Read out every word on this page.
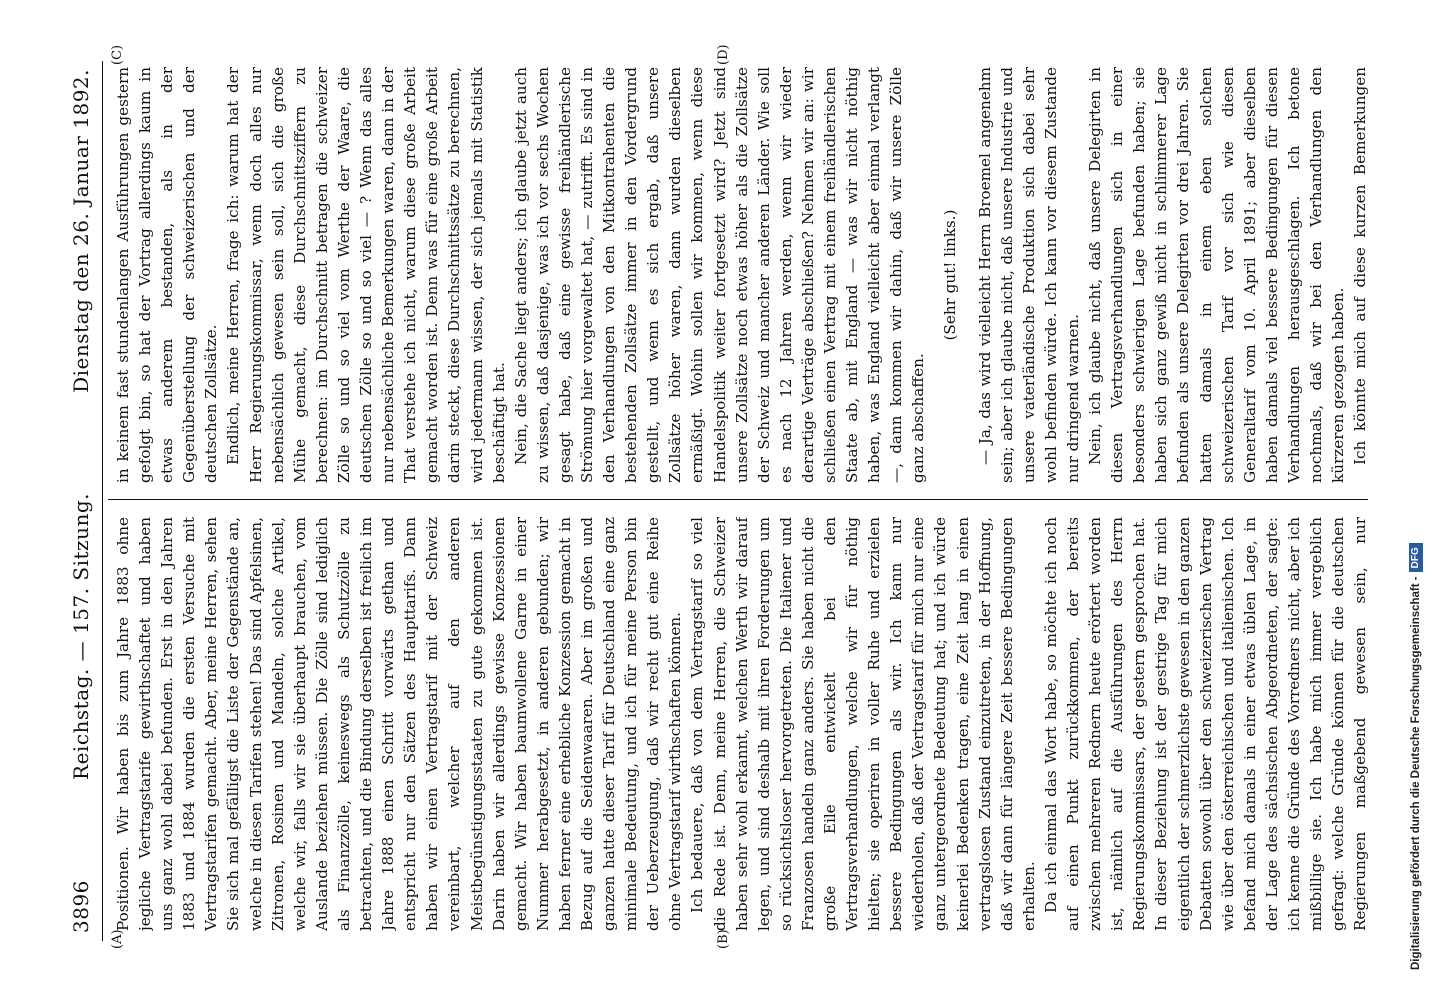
3896
Reichstag. — 157. Sitzung.
Dienstag den 26. Januar 1892.
(A)	(B)
(C)	(D)

Positionen. Wir haben bis zum Jahre 1883 ohne jegliche Vertragstarife gewirthschaftet und haben uns ganz wohl dabei befunden. Erst in den Jahren 1883 und 1884 wurden die ersten Versuche mit Vertragstarifen gemacht. Aber, meine Herren, sehen Sie sich mal gefälligst die Liste der Gegenstände an, welche in diesen Tarifen stehen! Das sind Apfelsinen, Zitronen, Rosinen und Mandeln, solche Artikel, welche wir, falls wir sie überhaupt brauchen, vom Auslande beziehen müssen. Die Zölle sind lediglich als Finanzzölle, keineswegs als Schutzzölle zu betrachten, und die Bindung derselben ist freilich im Jahre 1888 einen Schritt vorwärts gethan und entspricht nur den Sätzen des Haupttarifs. Dann haben wir einen Vertragstarif mit der Schweiz vereinbart, welcher auf den anderen Meistbegünstigungsstaaten zu gute gekommen ist. Darin haben wir allerdings gewisse Konzessionen gemacht. Wir haben baumwollene Garne in einer Nummer herabgesetzt, in anderen gebunden; wir haben ferner eine erhebliche Konzession gemacht in Bezug auf die Seidenwaaren. Aber im großen und ganzen hatte dieser Tarif für Deutschland eine ganz minimale Bedeutung, und ich für meine Person bin der Ueberzeugung, daß wir recht gut eine Reihe ohne Vertragstarif wirthschaften können. Ich bedauere, daß von dem Vertragstarif so viel die Rede ist. Denn, meine Herren, die Schweizer haben sehr wohl erkannt, welchen Werth wir darauf legen, und sind deshalb mit ihren Forderungen um so rücksichtsloser hervorgetreten. Die Italiener und Franzosen handeln ganz anders. Sie haben nicht die große Eile entwickelt bei den Vertragsverhandlungen, welche wir für nöthig hielten; sie operiren in voller Ruhe und erzielen bessere Bedingungen als wir. Ich kann nur wiederholen, daß der Vertragstarif für mich nur eine ganz untergeordnete Bedeutung hat; und ich würde keinerlei Bedenken tragen, eine Zeit lang in einen vertragslosen Zustand einzutreten, in der Hoffnung, daß wir dann für längere Zeit bessere Bedingungen erhalten. Da ich einmal das Wort habe, so möchte ich noch auf einen Punkt zurückkommen, der bereits zwischen mehreren Rednern heute erörtert worden ist, nämlich auf die Ausführungen des Herrn Regierungskommissars, der gestern gesprochen hat. In dieser Beziehung ist der gestrige Tag für mich eigentlich der schmerzlichste gewesen in den ganzen Debatten sowohl über den schweizerischen Vertrag wie über den österreichischen und italienischen. Ich befand mich damals in einer etwas üblen Lage, in der Lage des sächsischen Abgeordneten, der sagte: ich kenne die Gründe des Vorredners nicht, aber ich mißbillige sie. Ich habe mich immer vergeblich gefragt: welche Gründe können für die deutschen Regierungen maßgebend gewesen sein, nur

in keinem fast stundenlangen Ausführungen gestern gefolgt bin, so hat der Vortrag allerdings kaum in etwas anderem bestanden, als in der Gegenüberstellung der schweizerischen und der deutschen Zollsätze. Endlich, meine Herren, frage ich: warum hat der Herr Regierungskommissar, wenn doch alles nur nebensächlich gewesen sein soll, sich die große Mühe gemacht, diese Durchschnittsziffern zu berechnen: im Durchschnitt betragen die schweizer Zölle so und so viel vom Werthe der Waare, die deutschen Zölle so und so viel — ? Wenn das alles nur nebensächliche Bemerkungen waren, dann in der That verstehe ich nicht, warum diese große Arbeit gemacht worden ist. Denn was für eine große Arbeit darin steckt, diese Durchschnittssätze zu berechnen, wird jedermann wissen, der sich jemals mit Statistik beschäftigt hat. Nein, die Sache liegt anders; ich glaube jetzt auch zu wissen, daß dasjenige, was ich vor sechs Wochen gesagt habe, daß eine gewisse freihändlerische Strömung hier vorgewaltet hat, — zutrifft. Es sind in den Verhandlungen von den Mitkontrahenten die bestehenden Zollsätze immer in den Vordergrund gestellt, und wenn es sich ergab, daß unsere Zollsätze höher waren, dann wurden dieselben ermäßigt. Wohin sollen wir kommen, wenn diese Handelspolitik weiter fortgesetzt wird? Jetzt sind unsere Zollsätze noch etwas höher als die Zollsätze der Schweiz und mancher anderen Länder. Wie soll es nach 12 Jahren werden, wenn wir wieder derartige Verträge abschließen? Nehmen wir an: wir schließen einen Vertrag mit einem freihändlerischen Staate ab, mit England — was wir nicht nöthig haben, was England vielleicht aber einmal verlangt —, dann kommen wir dahin, daß wir unsere Zölle ganz abschaffen.

(Sehr gut! links.) — Ja, das wird vielleicht Herrn Broemel angenehm sein; aber ich glaube nicht, daß unsere Industrie und unsere vaterländische Produktion sich dabei sehr wohl befinden würde. Ich kann vor diesem Zustande nur dringend warnen. Nein, ich glaube nicht, daß unsere Delegirten in diesen Vertragsverhandlungen sich in einer besonders schwierigen Lage befunden haben; sie haben sich ganz gewiß nicht in schlimmerer Lage befunden als unsere Delegirten vor drei Jahren. Sie hatten damals in einem eben solchen schweizerischen Tarif vor sich wie diesen Generaltarif vom 10. April 1891; aber dieselben haben damals viel bessere Bedingungen für diesen Verhandlungen herausgeschlagen. Ich betone nochmals, daß wir bei den Verhandlungen den kürzeren gezogen haben. Ich könnte mich auf diese kurzen Bemerkungen

Digitalisierung gefördert durch die Deutsche Forschungsgemeinschaft -
DFG
